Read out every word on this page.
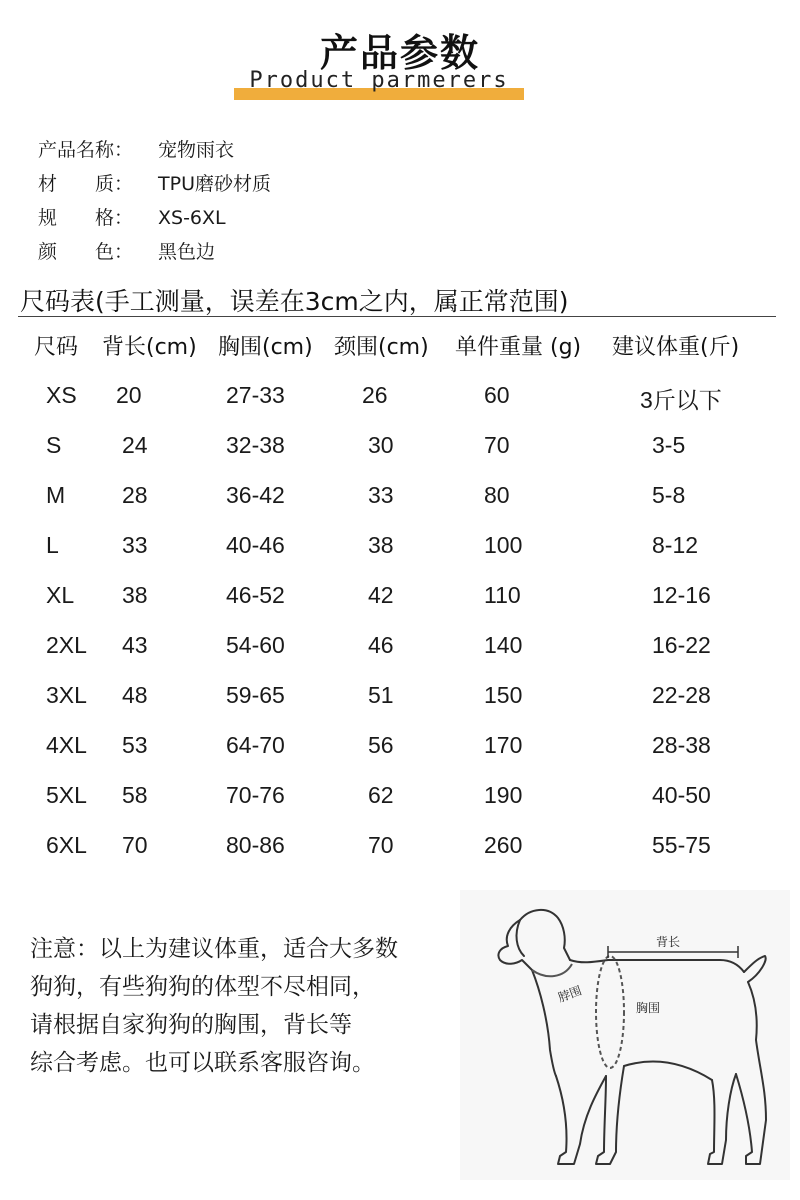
产品参数
Product parmerers
产品名称：	宠物雨衣
材　　质：	TPU磨砂材质
规　　格：	XS-6XL
颜　　色：	黑色边
尺码表(手工测量，误差在3cm之内，属正常范围)
尺码 背长(cm) 胸围(cm) 颈围(cm) 单件重量 (g) 建议体重(斤)
XS 20	27-33	26	60	3斤以下
S	24	32-38	30	70	3-5
M 28	36-42	33	80	5-8
L	33	40-46	38	100	8-12
XL 38	46-52	42	110	12-16
2XL 43	54-60	46	140	16-22
3XL 48	59-65	51	150	22-28
4XL 53	64-70	56	170	28-38
5XL 58	70-76	62	190	40-50
6XL 70	80-86	70	260	55-75
注意：以上为建议体重，适合大多数
狗狗，有些狗狗的体型不尽相同，
请根据自家狗狗的胸围，背长等
综合考虑。也可以联系客服咨询。
背长
脖围
胸围
